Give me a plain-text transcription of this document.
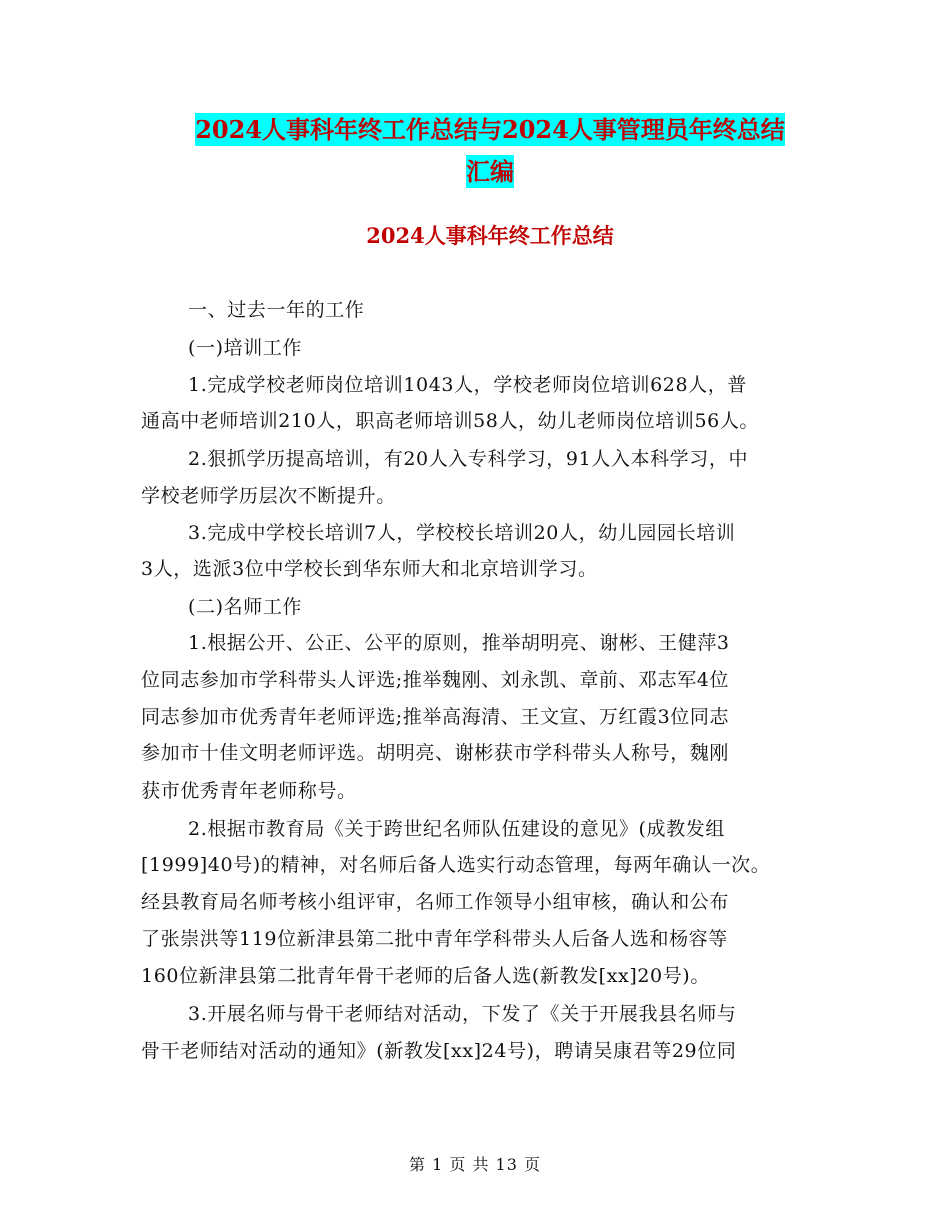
2024人事科年终工作总结与2024人事管理员年终总结
汇编
2024人事科年终工作总结
一、过去一年的工作
(一)培训工作
1.完成学校老师岗位培训1043人，学校老师岗位培训628人，普
通高中老师培训210人，职高老师培训58人，幼儿老师岗位培训56人。
2.狠抓学历提高培训，有20人入专科学习，91人入本科学习，中
学校老师学历层次不断提升。
3.完成中学校长培训7人，学校校长培训20人，幼儿园园长培训
3人，选派3位中学校长到华东师大和北京培训学习。
(二)名师工作
1.根据公开、公正、公平的原则，推举胡明亮、谢彬、王健萍3
位同志参加市学科带头人评选;推举魏刚、刘永凯、章前、邓志军4位
同志参加市优秀青年老师评选;推举高海清、王文宣、万红霞3位同志
参加市十佳文明老师评选。胡明亮、谢彬获市学科带头人称号，魏刚
获市优秀青年老师称号。
2.根据市教育局《关于跨世纪名师队伍建设的意见》(成教发组
[1999]40号)的精神，对名师后备人选实行动态管理，每两年确认一次。
经县教育局名师考核小组评审，名师工作领导小组审核，确认和公布
了张崇洪等119位新津县第二批中青年学科带头人后备人选和杨容等
160位新津县第二批青年骨干老师的后备人选(新教发[xx]20号)。
3.开展名师与骨干老师结对活动，下发了《关于开展我县名师与
骨干老师结对活动的通知》(新教发[xx]24号)，聘请吴康君等29位同
第 1 页 共 13 页
